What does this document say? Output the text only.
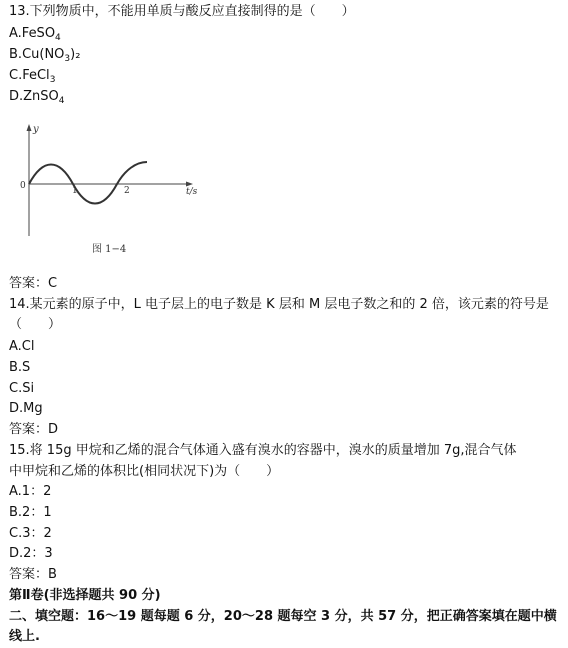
13.下列物质中，不能用单质与酸反应直接制得的是（　　）
A.FeSO$_4$
$B.Cu(NO_3)_2$
C.FeCl$_3$
D.ZnSO$_4$
y
0	1	2	t/s
图 1−4
答案：C
14.某元素的原子中，L 电子层上的电子数是 K 层和 M 层电子数之和的 2 倍，该元素的符号是（　　）
A.Cl
B.S
C.Si
D.Mg
答案：D
15.将 15g 甲烷和乙烯的混合气体通入盛有溴水的容器中，溴水的质量增加 7g,混合气体
中甲烷和乙烯的体积比(相同状况下)为（　　）
A.1：2
B.2：1
C.3：2
D.2：3
答案：B
第Ⅱ卷(非选择题共 90 分)
二、填空题：16～19 题每题 6 分，20～28 题每空 3 分，共 57 分，把正确答案填在题中横线上.
